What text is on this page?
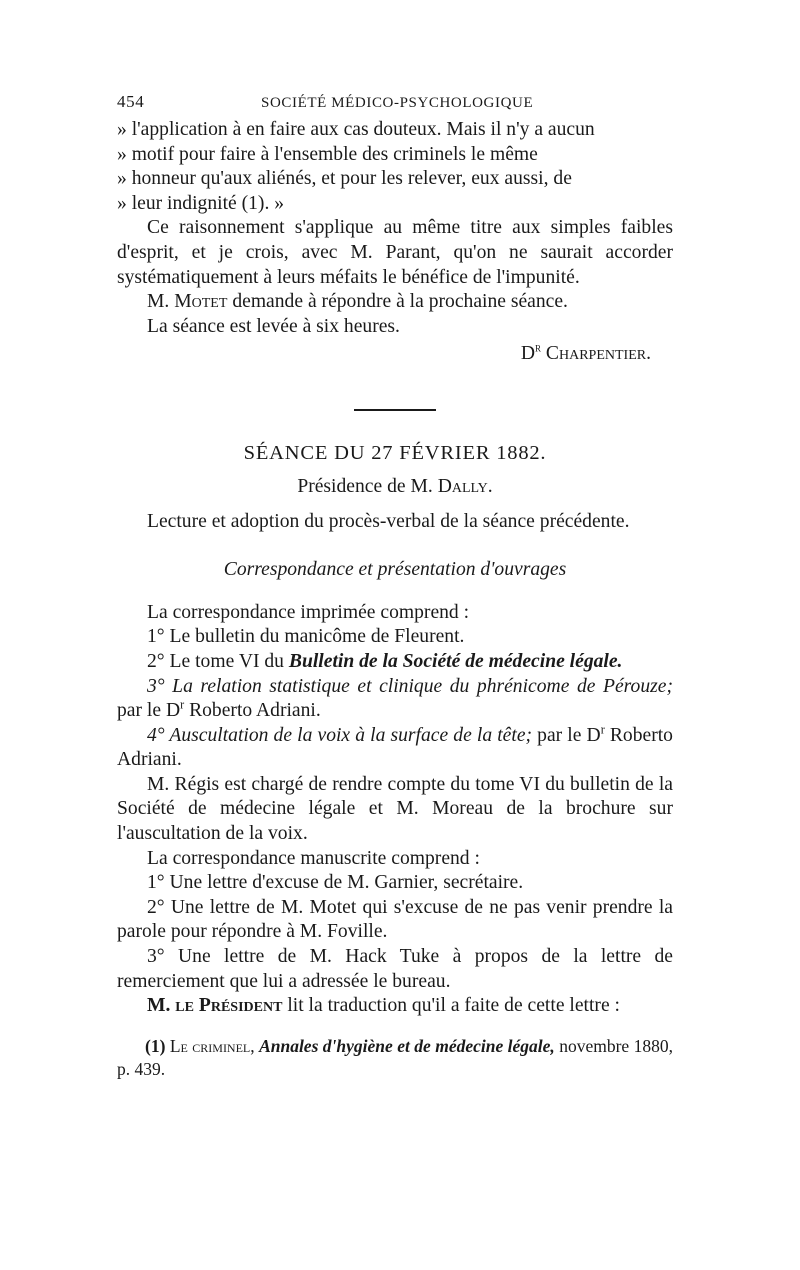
454	SOCIÉTÉ MÉDICO-PSYCHOLOGIQUE

» l'application à en faire aux cas douteux. Mais il n'y a aucun

» motif pour faire à l'ensemble des criminels le même

» honneur qu'aux aliénés, et pour les relever, eux aussi, de

» leur indignité (1). »

Ce raisonnement s'applique au même titre aux simples faibles d'esprit, et je crois, avec M. Parant, qu'on ne saurait accorder systématiquement à leurs méfaits le bénéfice de l'impunité.

M. Motet demande à répondre à la prochaine séance.

La séance est levée à six heures.

$D^r$ Charpentier.

SÉANCE DU 27 FÉVRIER 1882.

Présidence de M. Dally.

Lecture et adoption du procès-verbal de la séance précédente.

Correspondance et présentation d'ouvrages

La correspondance imprimée comprend :

1° Le bulletin du manicôme de Fleurent.

2° Le tome VI du Bulletin de la Société de médecine légale.

3° La relation statistique et clinique du phrénicome de Pérouze; par le $D^r$ Roberto Adriani.

4° Auscultation de la voix à la surface de la tête; par le $D^r$ Roberto Adriani.

M. Régis est chargé de rendre compte du tome VI du bulletin de la Société de médecine légale et M. Moreau de la brochure sur l'auscultation de la voix.

La correspondance manuscrite comprend :

1° Une lettre d'excuse de M. Garnier, secrétaire.

2° Une lettre de M. Motet qui s'excuse de ne pas venir prendre la parole pour répondre à M. Foville.

3° Une lettre de M. Hack Tuke à propos de la lettre de remerciement que lui a adressée le bureau.

M. le Président lit la traduction qu'il a faite de cette lettre :

(1) Le criminel, Annales d'hygiène et de médecine légale, novembre 1880, p. 439.
